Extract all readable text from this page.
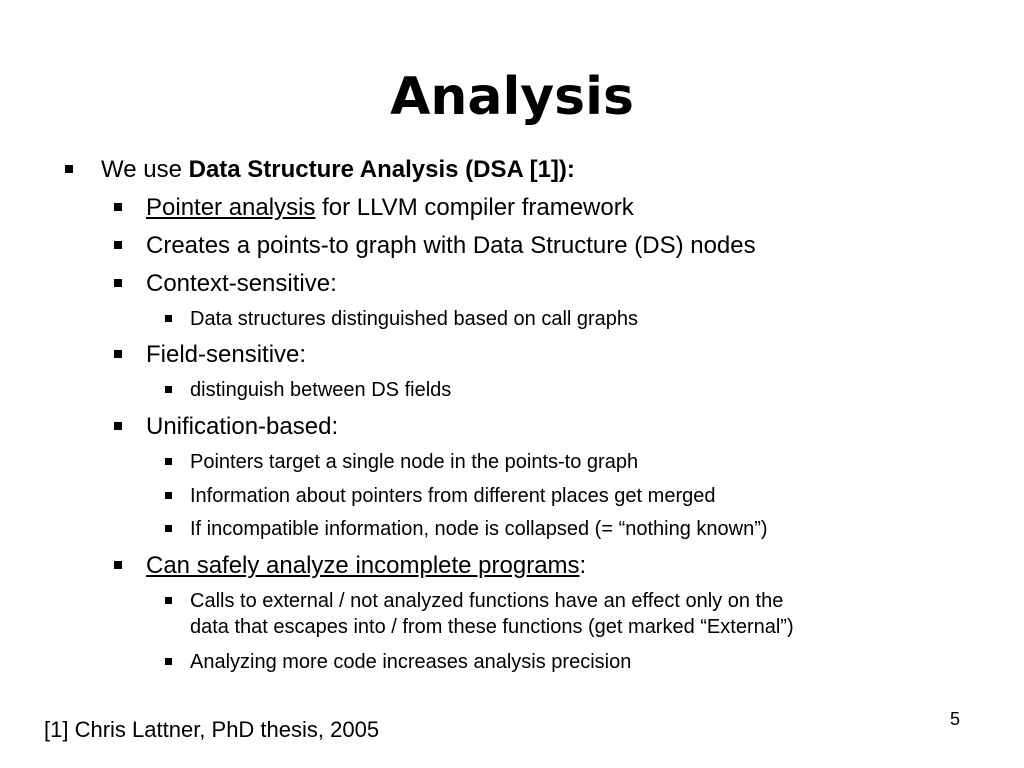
Analysis
We use Data Structure Analysis (DSA [1]):
Pointer analysis for LLVM compiler framework
Creates a points-to graph with Data Structure (DS) nodes
Context-sensitive:
Data structures distinguished based on call graphs
Field-sensitive:
distinguish between DS fields
Unification-based:
Pointers target a single node in the points-to graph
Information about pointers from different places get merged
If incompatible information, node is collapsed (= “nothing known”)
Can safely analyze incomplete programs:
Calls to external / not analyzed functions have an effect only on the
data that escapes into / from these functions (get marked “External”)
Analyzing more code increases analysis precision
[1] Chris Lattner, PhD thesis, 2005	5
